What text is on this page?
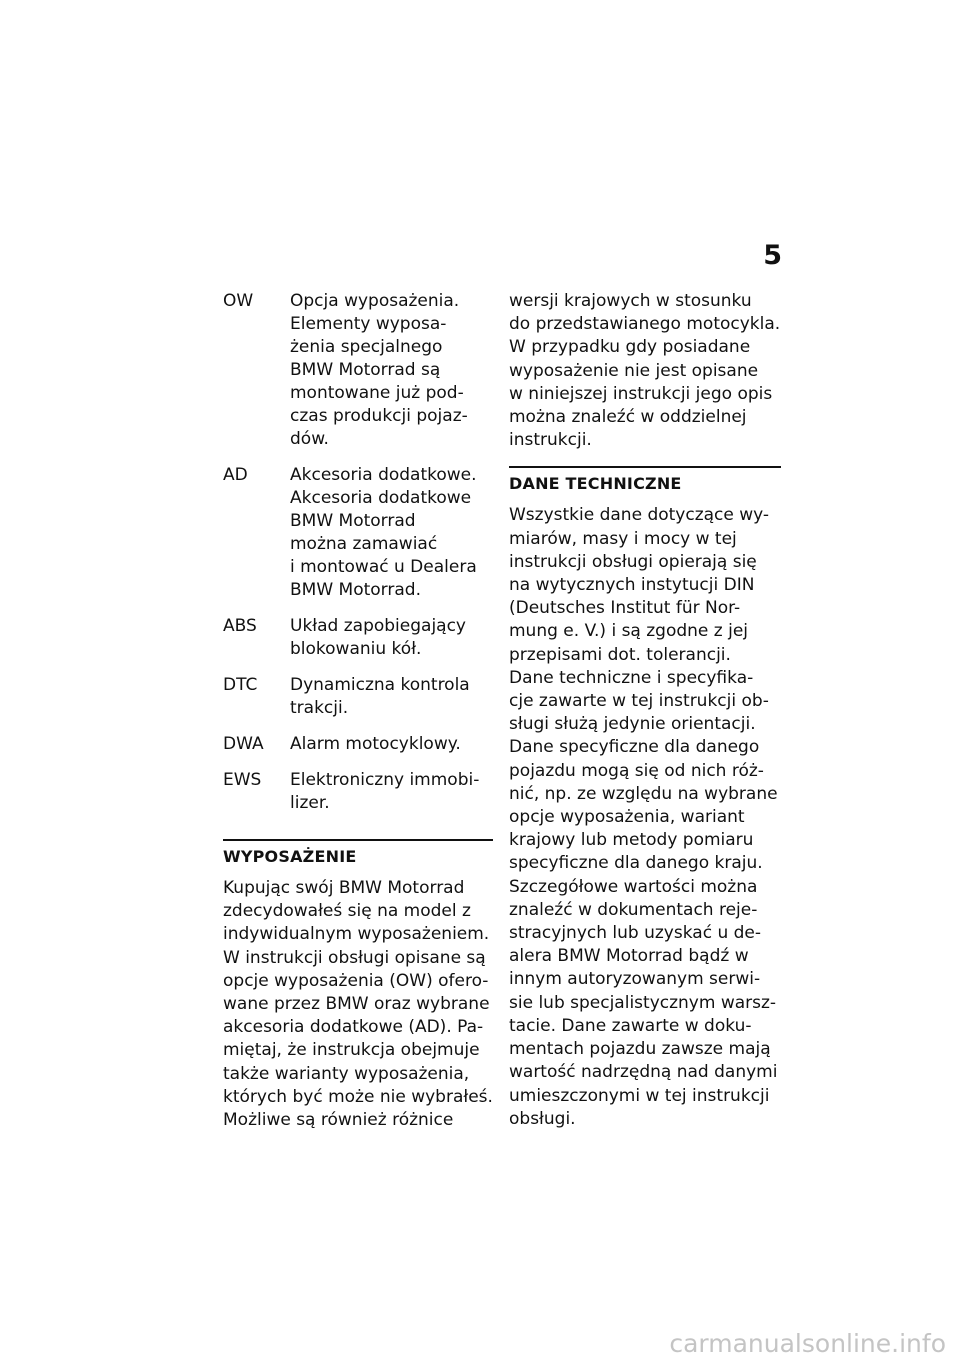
5
OW	Opcja wyposażenia.
Elementy wyposa-
żenia specjalnego
BMW Motorrad są
montowane już pod-
czas produkcji pojaz-
dów.
AD	Akcesoria dodatkowe.
Akcesoria dodatkowe
BMW Motorrad
można zamawiać
i montować u Dealera
BMW Motorrad.
ABS	Układ zapobiegający
blokowaniu kół.
DTC	Dynamiczna kontrola
trakcji.
DWA	Alarm motocyklowy.
EWS	Elektroniczny immobi-
lizer.
WYPOSAŻENIE
Kupując swój BMW Motorrad
zdecydowałeś się na model z
indywidualnym wyposażeniem.
W instrukcji obsługi opisane są
opcje wyposażenia (OW) ofero-
wane przez BMW oraz wybrane
akcesoria dodatkowe (AD). Pa-
miętaj, że instrukcja obejmuje
także warianty wyposażenia,
których być może nie wybrałeś.
Możliwe są również różnice
wersji krajowych w stosunku
do przedstawianego motocykla.
W przypadku gdy posiadane
wyposażenie nie jest opisane
w niniejszej instrukcji jego opis
można znaleźć w oddzielnej
instrukcji.
DANE TECHNICZNE
Wszystkie dane dotyczące wy-
miarów, masy i mocy w tej
instrukcji obsługi opierają się
na wytycznych instytucji DIN
(Deutsches Institut für Nor-
mung e. V.) i są zgodne z jej
przepisami dot. tolerancji.
Dane techniczne i specyfika-
cje zawarte w tej instrukcji ob-
sługi służą jedynie orientacji.
Dane specyficzne dla danego
pojazdu mogą się od nich róż-
nić, np. ze względu na wybrane
opcje wyposażenia, wariant
krajowy lub metody pomiaru
specyficzne dla danego kraju.
Szczegółowe wartości można
znaleźć w dokumentach reje-
stracyjnych lub uzyskać u de-
alera BMW Motorrad bądź w
innym autoryzowanym serwi-
sie lub specjalistycznym warsz-
tacie. Dane zawarte w doku-
mentach pojazdu zawsze mają
wartość nadrzędną nad danymi
umieszczonymi w tej instrukcji
obsługi.
carmanualsonline.info
